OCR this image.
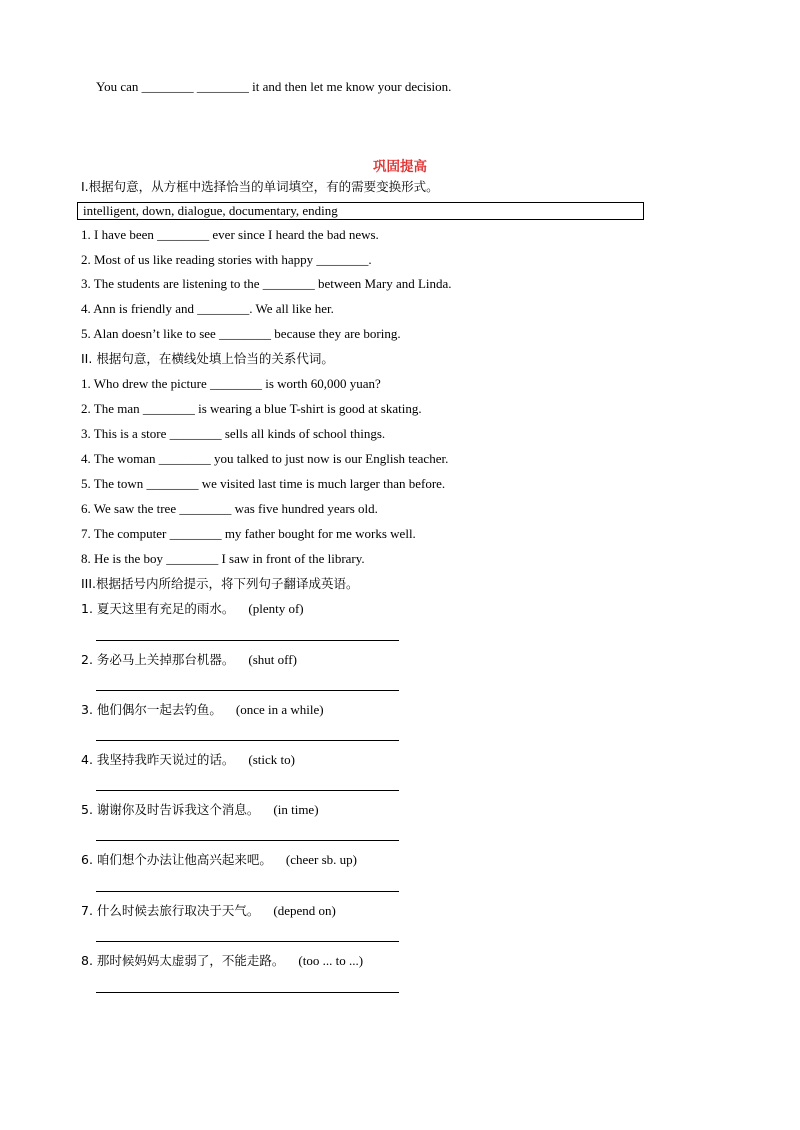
You can ________ ________ it and then let me know your decision.
巩固提高
I.根据句意，从方框中选择恰当的单词填空，有的需要变换形式。
intelligent, down, dialogue, documentary, ending
1. I have been ________ ever since I heard the bad news.
2. Most of us like reading stories with happy ________.
3. The students are listening to the ________ between Mary and Linda.
4. Ann is friendly and ________. We all like her.
5. Alan doesn’t like to see ________ because they are boring.
II. 根据句意，在横线处填上恰当的关系代词。
1. Who drew the picture ________ is worth 60,000 yuan?
2. The man ________ is wearing a blue T-shirt is good at skating.
3. This is a store ________ sells all kinds of school things.
4. The woman ________ you talked to just now is our English teacher.
5. The town ________ we visited last time is much larger than before.
6. We saw the tree ________ was five hundred years old.
7. The computer ________ my father bought for me works well.
8. He is the boy ________ I saw in front of the library.
III.根据括号内所给提示，将下列句子翻译成英语。
1. 夏天这里有充足的雨水。 (plenty of)
2. 务必马上关掉那台机器。 (shut off)
3. 他们偶尔一起去钓鱼。 (once in a while)
4. 我坚持我昨天说过的话。 (stick to)
5. 谢谢你及时告诉我这个消息。 (in time)
6. 咱们想个办法让他高兴起来吧。 (cheer sb. up)
7. 什么时候去旅行取决于天气。 (depend on)
8. 那时候妈妈太虚弱了，不能走路。 (too ... to ...)
